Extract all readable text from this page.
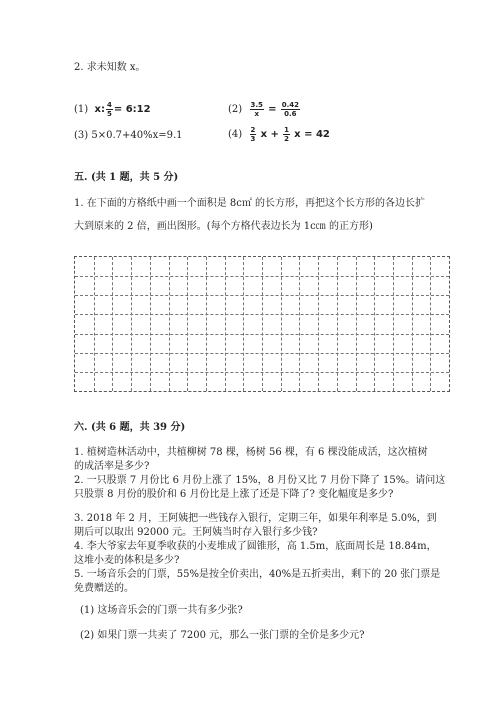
2. 求未知数 x。
(1) x: $\frac{4}{5}$ = 6:12	$(2) \frac{3.5}{x} = \frac{0.42}{0.6}$
(3) 5×0.7+40%x=9.1	$(4) \frac{2}{3}$ $x + \frac{1}{2}$ x = 42
五. (共 1 题，共 5 分)
1. 在下面的方格纸中画一个面积是 8c㎡ 的长方形，再把这个长方形的各边长扩
大到原来的 2 倍，画出图形。(每个方格代表边长为 1c㎝ 的正方形)
六. (共 6 题，共 39 分)
1. 植树造林活动中，共植柳树 78 棵，杨树 56 棵，有 6 棵没能成活，这次植树
的成活率是多少?
2. 一只股票 7 月份比 6 月份上涨了 15%，8 月份又比 7 月份下降了 15%。请问这
只股票 8 月份的股价和 6 月份比是上涨了还是下降了? 变化幅度是多少?
3. 2018 年 2 月，王阿姨把一些钱存入银行，定期三年，如果年利率是 5.0%，到
期后可以取出 92000 元。王阿姨当时存入银行多少钱?
4. 李大爷家去年夏季收获的小麦堆成了圆锥形，高 1.5m，底面周长是 18.84m，
这堆小麦的体积是多少?
5. 一场音乐会的门票，55%是按全价卖出，40%是五折卖出，剩下的 20 张门票是
免费赠送的。
(1) 这场音乐会的门票一共有多少张?
(2) 如果门票一共卖了 7200 元，那么一张门票的全价是多少元?
